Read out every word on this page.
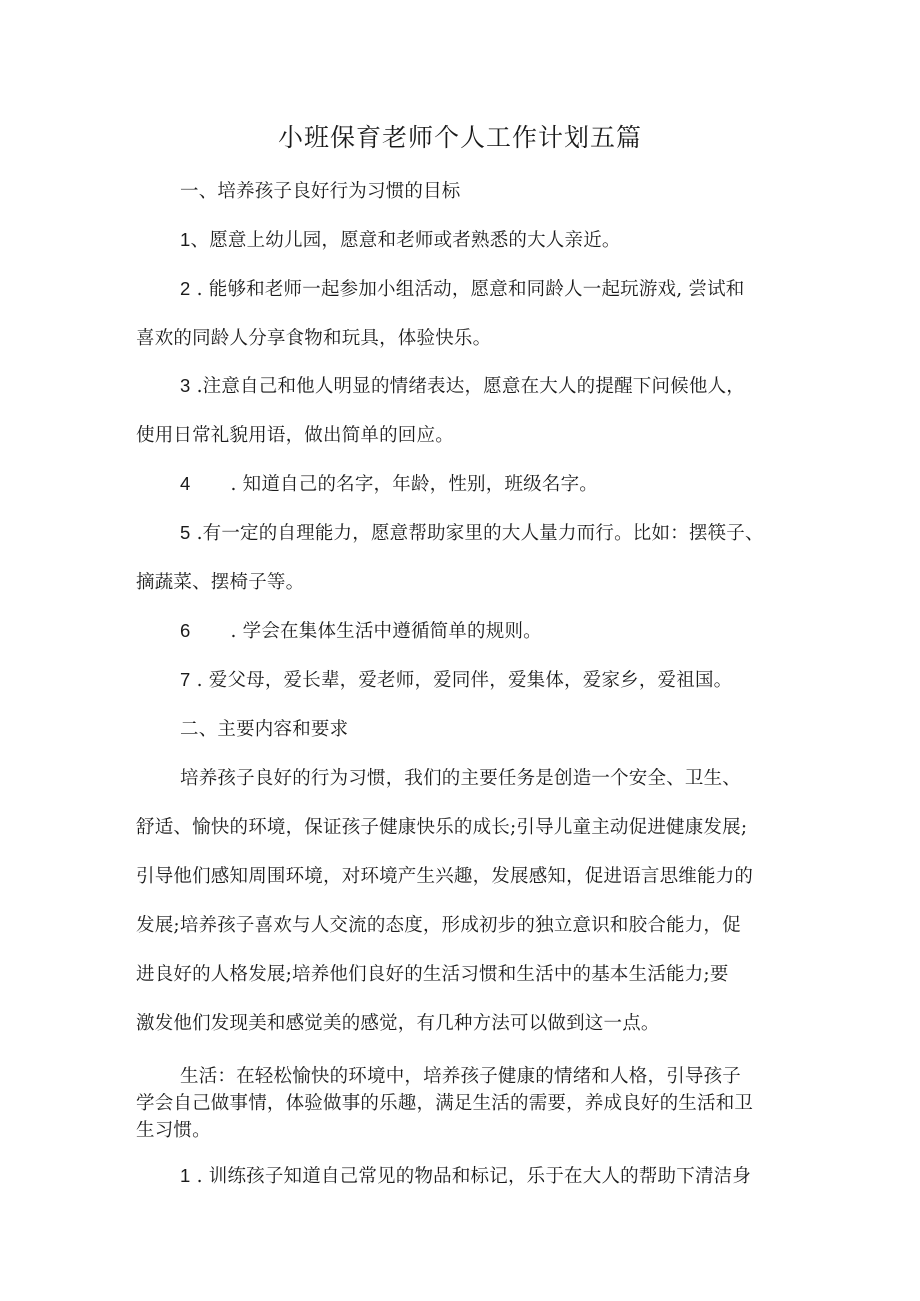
小班保育老师个人工作计划五篇
一、培养孩子良好行为习惯的目标
1、愿意上幼儿园，愿意和老师或者熟悉的大人亲近。
2 . 能够和老师一起参加小组活动，愿意和同龄人一起玩游戏, 尝试和
喜欢的同龄人分享食物和玩具，体验快乐。
3 .注意自己和他人明显的情绪表达，愿意在大人的提醒下问候他人，
使用日常礼貌用语，做出简单的回应。
4 . 知道自己的名字，年龄，性别，班级名字。
5 .有一定的自理能力，愿意帮助家里的大人量力而行。比如：摆筷子、
摘蔬菜、摆椅子等。
6 . 学会在集体生活中遵循简单的规则。
7 . 爱父母，爱长辈，爱老师，爱同伴，爱集体，爱家乡，爱祖国。
二、主要内容和要求
培养孩子良好的行为习惯，我们的主要任务是创造一个安全、卫生、
舒适、愉快的环境，保证孩子健康快乐的成长;引导儿童主动促进健康发展;
引导他们感知周围环境，对环境产生兴趣，发展感知，促进语言思维能力的
发展;培养孩子喜欢与人交流的态度，形成初步的独立意识和胶合能力，促
进良好的人格发展;培养他们良好的生活习惯和生活中的基本生活能力;要
激发他们发现美和感觉美的感觉，有几种方法可以做到这一点。
生活：在轻松愉快的环境中，培养孩子健康的情绪和人格，引导孩子
学会自己做事情，体验做事的乐趣，满足生活的需要，养成良好的生活和卫
生习惯。
1 . 训练孩子知道自己常见的物品和标记，乐于在大人的帮助下清洁身
